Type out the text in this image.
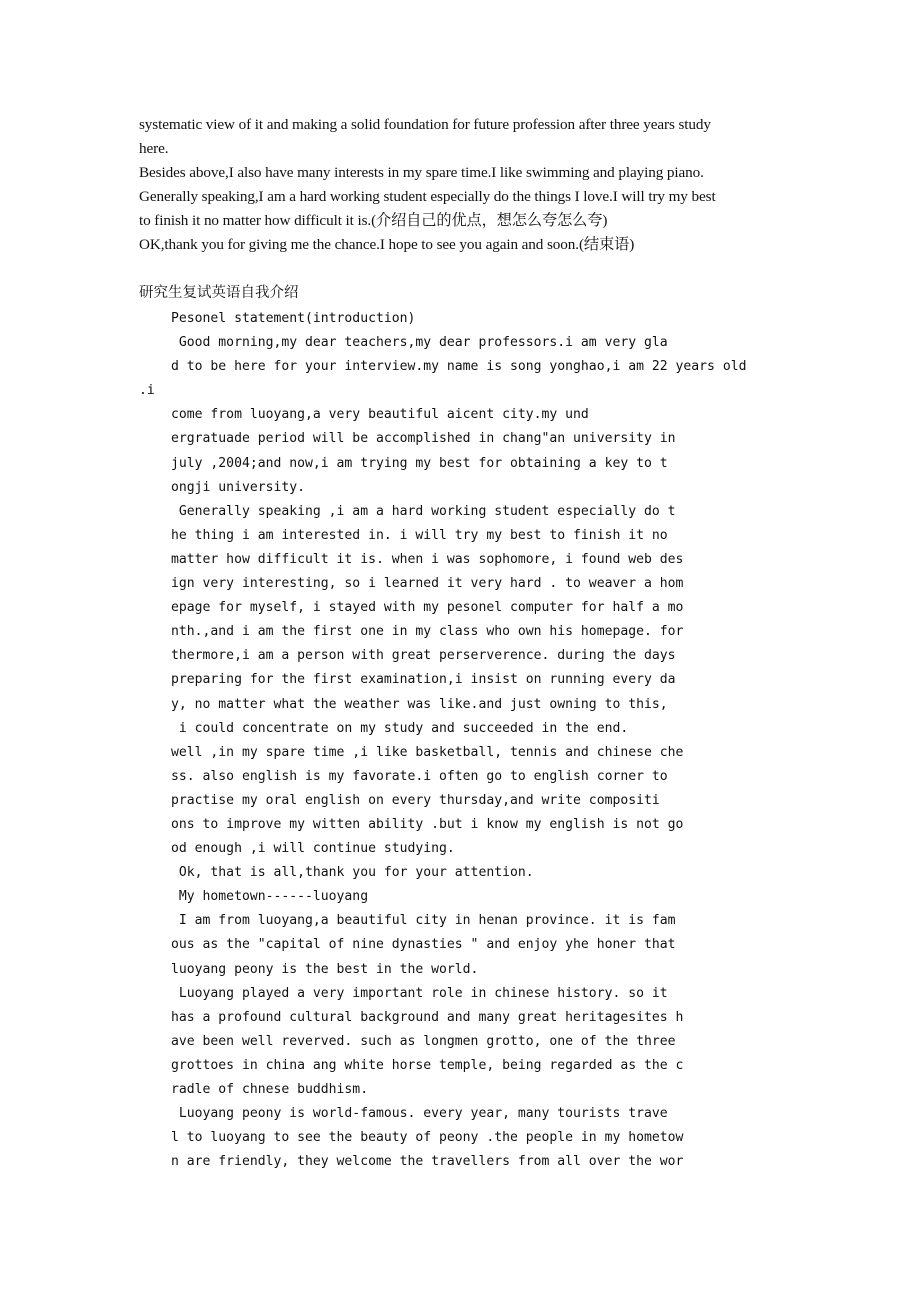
systematic view of it and making a solid foundation for future profession after three years study

here.

Besides above,I also have many interests in my spare time.I like swimming and playing piano.

Generally speaking,I am a hard working student especially do the things I love.I will try my best

to finish it no matter how difficult it is.(介绍自己的优点，想怎么夸怎么夸)

OK,thank you for giving me the chance.I hope to see you again and soon.(结束语)

研究生复试英语自我介绍

Pesonel statement(introduction)

Good morning,my dear teachers,my dear professors.i am very gla

d to be here for your interview.my name is song yonghao,i am 22 years old

.i

come from luoyang,a very beautiful aicent city.my und

ergratuade period will be accomplished in chang"an university in

july ,2004;and now,i am trying my best for obtaining a key to t

ongji university.

Generally speaking ,i am a hard working student especially do t

he thing i am interested in. i will try my best to finish it no

matter how difficult it is. when i was sophomore, i found web des

ign very interesting, so i learned it very hard . to weaver a hom

epage for myself, i stayed with my pesonel computer for half a mo

nth.,and i am the first one in my class who own his homepage. for

thermore,i am a person with great perserverence. during the days

preparing for the first examination,i insist on running every da

y, no matter what the weather was like.and just owning to this,

i could concentrate on my study and succeeded in the end.

well ,in my spare time ,i like basketball, tennis and chinese che

ss. also english is my favorate.i often go to english corner to

practise my oral english on every thursday,and write compositi

ons to improve my witten ability .but i know my english is not go

od enough ,i will continue studying.

Ok, that is all,thank you for your attention.

My hometown------luoyang

I am from luoyang,a beautiful city in henan province. it is fam

ous as the "capital of nine dynasties " and enjoy yhe honer that

luoyang peony is the best in the world.

Luoyang played a very important role in chinese history. so it

has a profound cultural background and many great heritagesites h

ave been well reverved. such as longmen grotto, one of the three

grottoes in china ang white horse temple, being regarded as the c

radle of chnese buddhism.

Luoyang peony is world-famous. every year, many tourists trave

l to luoyang to see the beauty of peony .the people in my hometow

n are friendly, they welcome the travellers from all over the wor
